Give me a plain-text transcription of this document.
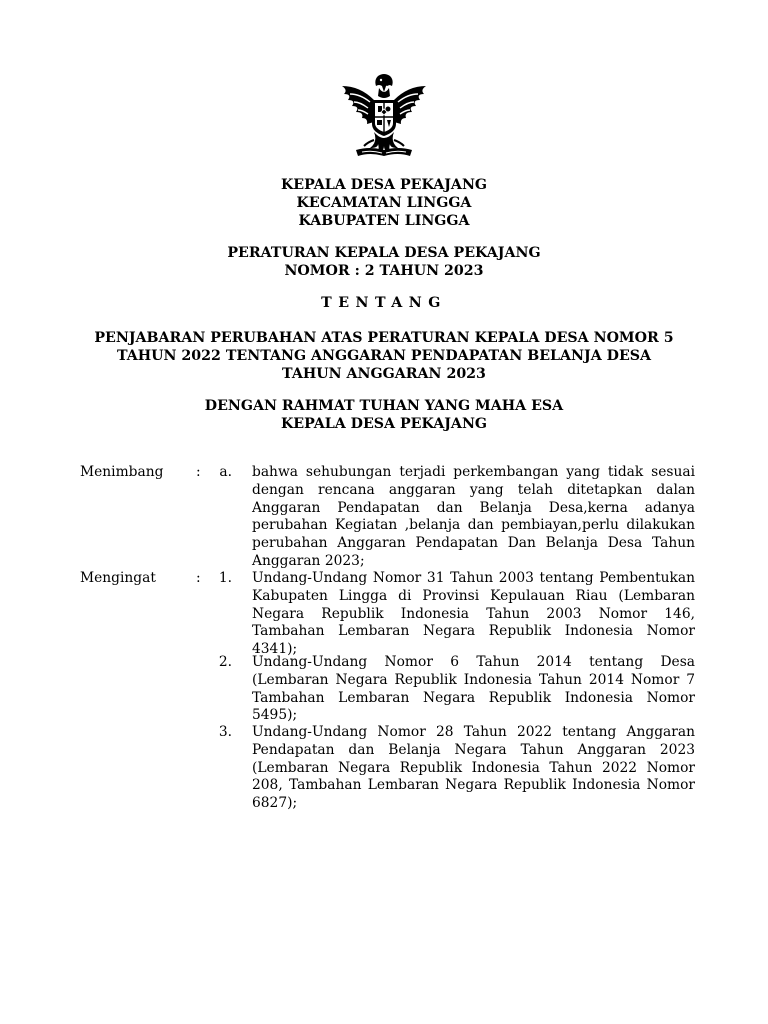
KEPALA DESA PEKAJANG
KECAMATAN LINGGA
KABUPATEN LINGGA
PERATURAN KEPALA DESA PEKAJANG
NOMOR : 2 TAHUN 2023
TENTANG
PENJABARAN PERUBAHAN ATAS PERATURAN KEPALA DESA NOMOR 5
TAHUN 2022 TENTANG ANGGARAN PENDAPATAN BELANJA DESA
TAHUN ANGGARAN 2023
DENGAN RAHMAT TUHAN YANG MAHA ESA
KEPALA DESA PEKAJANG
Menimbang :	a. bahwa sehubungan terjadi perkembangan yang tidak sesuai dengan rencana anggaran yang telah ditetapkan dalan Anggaran Pendapatan dan Belanja Desa,kerna adanya perubahan Kegiatan ,belanja dan pembiayan,perlu dilakukan perubahan Anggaran Pendapatan Dan Belanja Desa Tahun Anggaran 2023;
Mengingat	:	1. Undang-Undang Nomor 31 Tahun 2003 tentang Pembentukan Kabupaten Lingga di Provinsi Kepulauan Riau (Lembaran Negara Republik Indonesia Tahun 2003 Nomor 146, Tambahan Lembaran Negara Republik Indonesia Nomor 4341);
2. Undang-Undang Nomor 6 Tahun 2014 tentang Desa (Lembaran Negara Republik Indonesia Tahun 2014 Nomor 7 Tambahan Lembaran Negara Republik Indonesia Nomor 5495);
3. Undang-Undang Nomor 28 Tahun 2022 tentang Anggaran Pendapatan dan Belanja Negara Tahun Anggaran 2023 (Lembaran Negara Republik Indonesia Tahun 2022 Nomor 208, Tambahan Lembaran Negara Republik Indonesia Nomor 6827);
